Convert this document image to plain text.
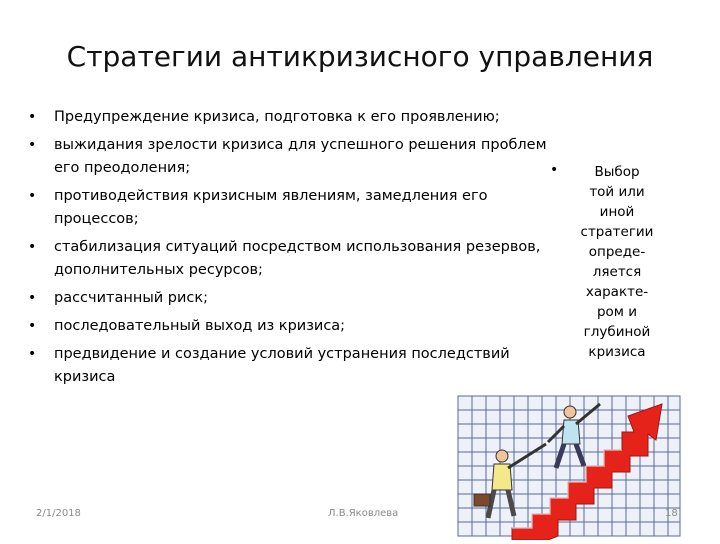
Стратегии антикризисного управления
• Предупреждение кризиса, подготовка к его проявлению;
• выжидания зрелости кризиса для успешного решения проблем его преодоления;
• противодействия кризисным явлениям, замедления его процессов;
• стабилизация ситуаций посредством использования резервов, дополнительных ресурсов;
• рассчитанный риск;
• последовательный выход из кризиса;
• предвидение и создание условий устранения последствий кризиса
•	Выбор
той или
иной
стратегии
опреде-
ляется
характе-
ром и
глубиной
кризиса
2/1/2018	Л.В.Яковлева	18
